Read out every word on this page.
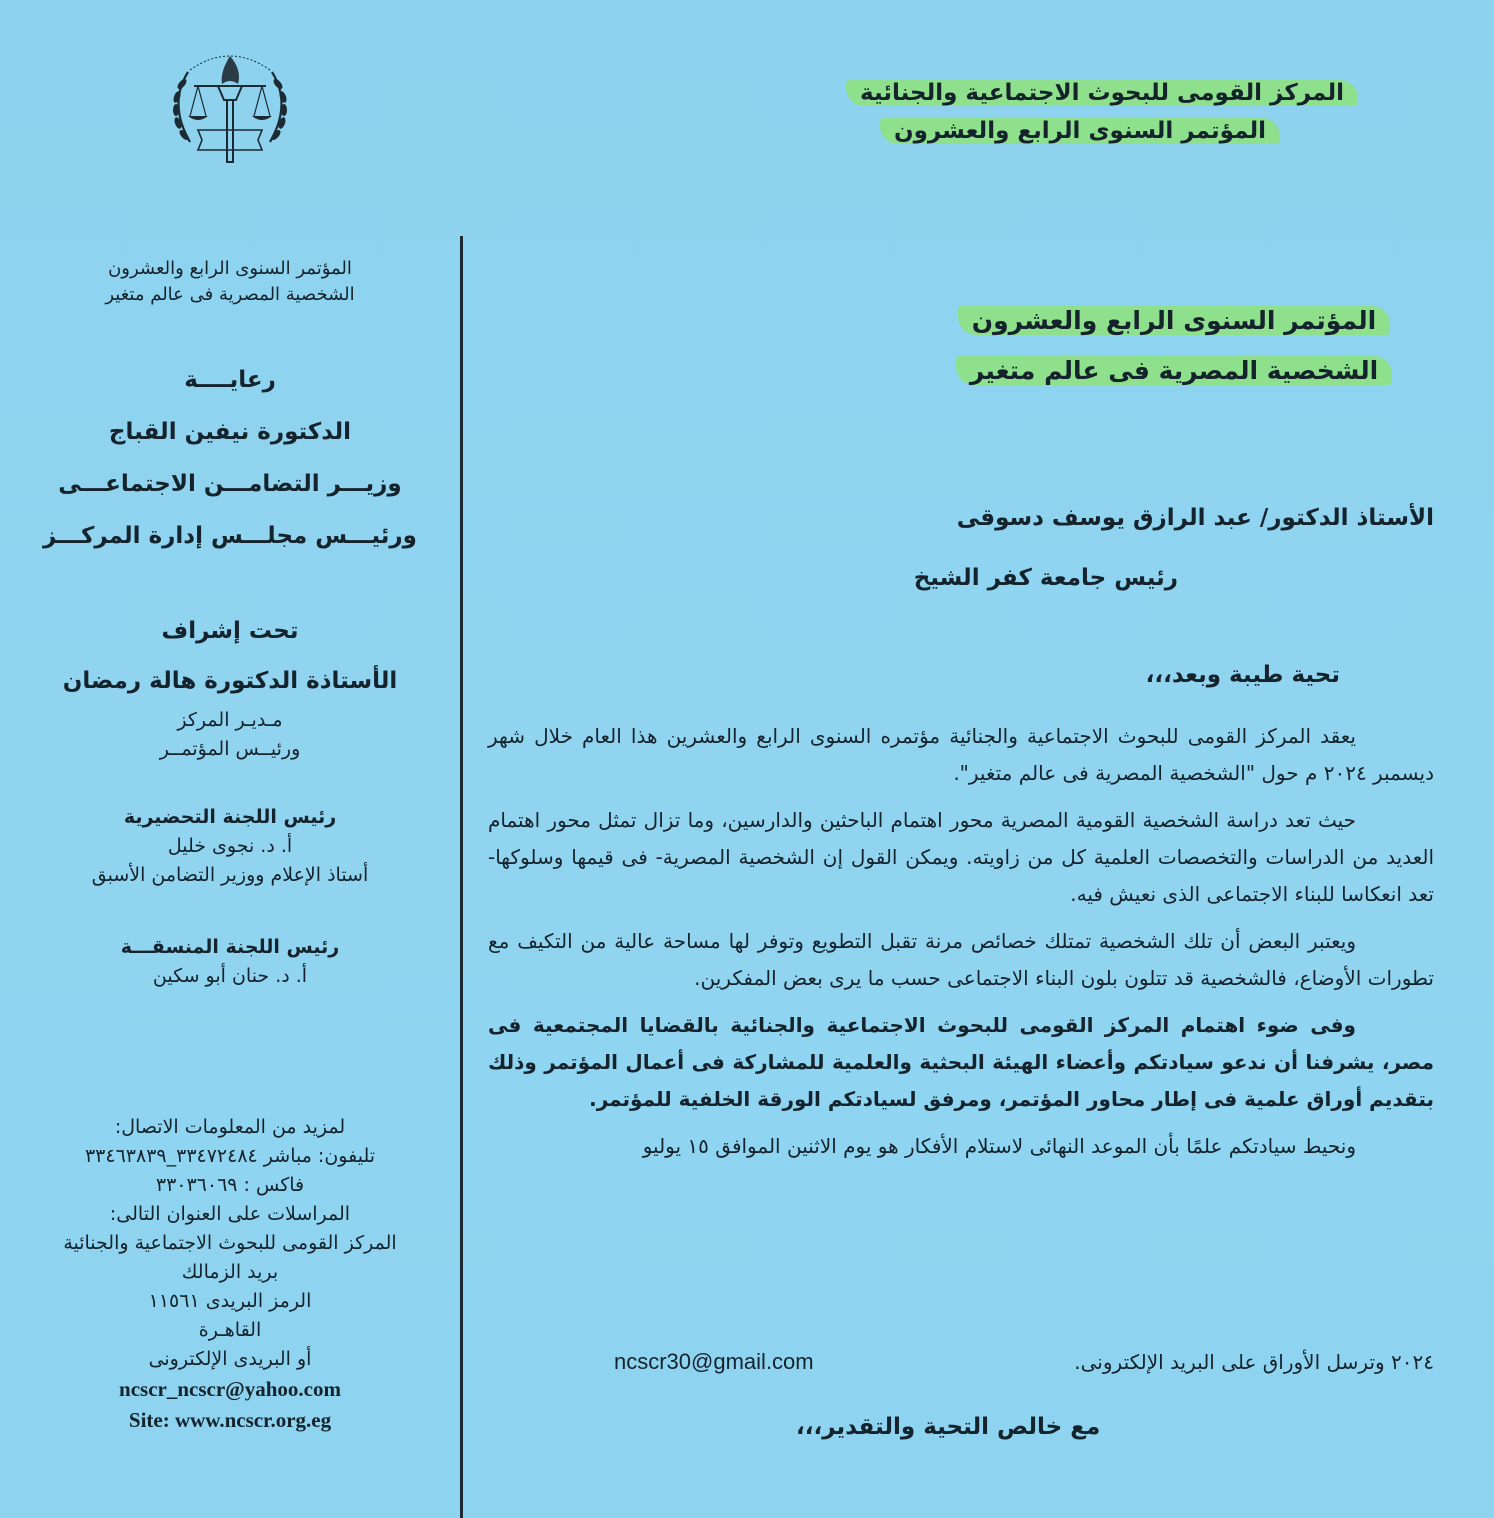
المركز القومى للبحوث الاجتماعية والجنائية
المؤتمر السنوى الرابع والعشرون
المؤتمر السنوى الرابع والعشرون
الشخصية المصرية فى عالم متغير
رعايــــة
الدكتورة نيفين القباج
وزيـــر التضامـــن الاجتماعـــى
ورئيـــس مجلـــس إدارة المركـــز
تحت إشراف
الأستاذة الدكتورة هالة رمضان
مـديـر المركز
ورئيــس المؤتمــر
رئيس اللجنة التحضيرية
أ. د. نجوى خليل
أستاذ الإعلام ووزير التضامن الأسبق
رئيس اللجنة المنسقـــة
أ. د. حنان أبو سكين
لمزيد من المعلومات الاتصال:
تليفون: مباشر ٣٣٤٧٢٤٨٤_٣٣٤٦٣٨٣٩
فاكس : ٣٣٠٣٦٠٦٩
المراسلات على العنوان التالى:
المركز القومى للبحوث الاجتماعية والجنائية
بريد الزمالك
الرمز البريدى ١١٥٦١
القاهـرة
أو البريدى الإلكترونى
ncscr_ncscr@yahoo.com
Site: www.ncscr.org.eg
المؤتمر السنوى الرابع والعشرون
الشخصية المصرية فى عالم متغير
الأستاذ الدكتور/ عبد الرازق يوسف دسوقى
رئيس جامعة كفر الشيخ
تحية طيبة وبعد،،،

يعقد المركز القومى للبحوث الاجتماعية والجنائية مؤتمره السنوى الرابع والعشرين هذا العام خلال شهر ديسمبر ٢٠٢٤ م حول "الشخصية المصرية فى عالم متغير".

حيث تعد دراسة الشخصية القومية المصرية محور اهتمام الباحثين والدارسين، وما تزال تمثل محور اهتمام العديد من الدراسات والتخصصات العلمية كل من زاويته. ويمكن القول إن الشخصية المصرية- فى قيمها وسلوكها- تعد انعكاسا للبناء الاجتماعى الذى نعيش فيه.

ويعتبر البعض أن تلك الشخصية تمتلك خصائص مرنة تقبل التطويع وتوفر لها مساحة عالية من التكيف مع تطورات الأوضاع، فالشخصية قد تتلون بلون البناء الاجتماعى حسب ما يرى بعض المفكرين.

وفى ضوء اهتمام المركز القومى للبحوث الاجتماعية والجنائية بالقضايا المجتمعية فى مصر، يشرفنا أن ندعو سيادتكم وأعضاء الهيئة البحثية والعلمية للمشاركة فى أعمال المؤتمر وذلك بتقديم أوراق علمية فى إطار محاور المؤتمر، ومرفق لسيادتكم الورقة الخلفية للمؤتمر.

ونحيط سيادتكم علمًا بأن الموعد النهائى لاستلام الأفكار هو يوم الاثنين الموافق ١٥ يوليو

٢٠٢٤ وترسل الأوراق على البريد الإلكترونى.
ncscr30@gmail.com
مع خالص التحية والتقدير،،،
